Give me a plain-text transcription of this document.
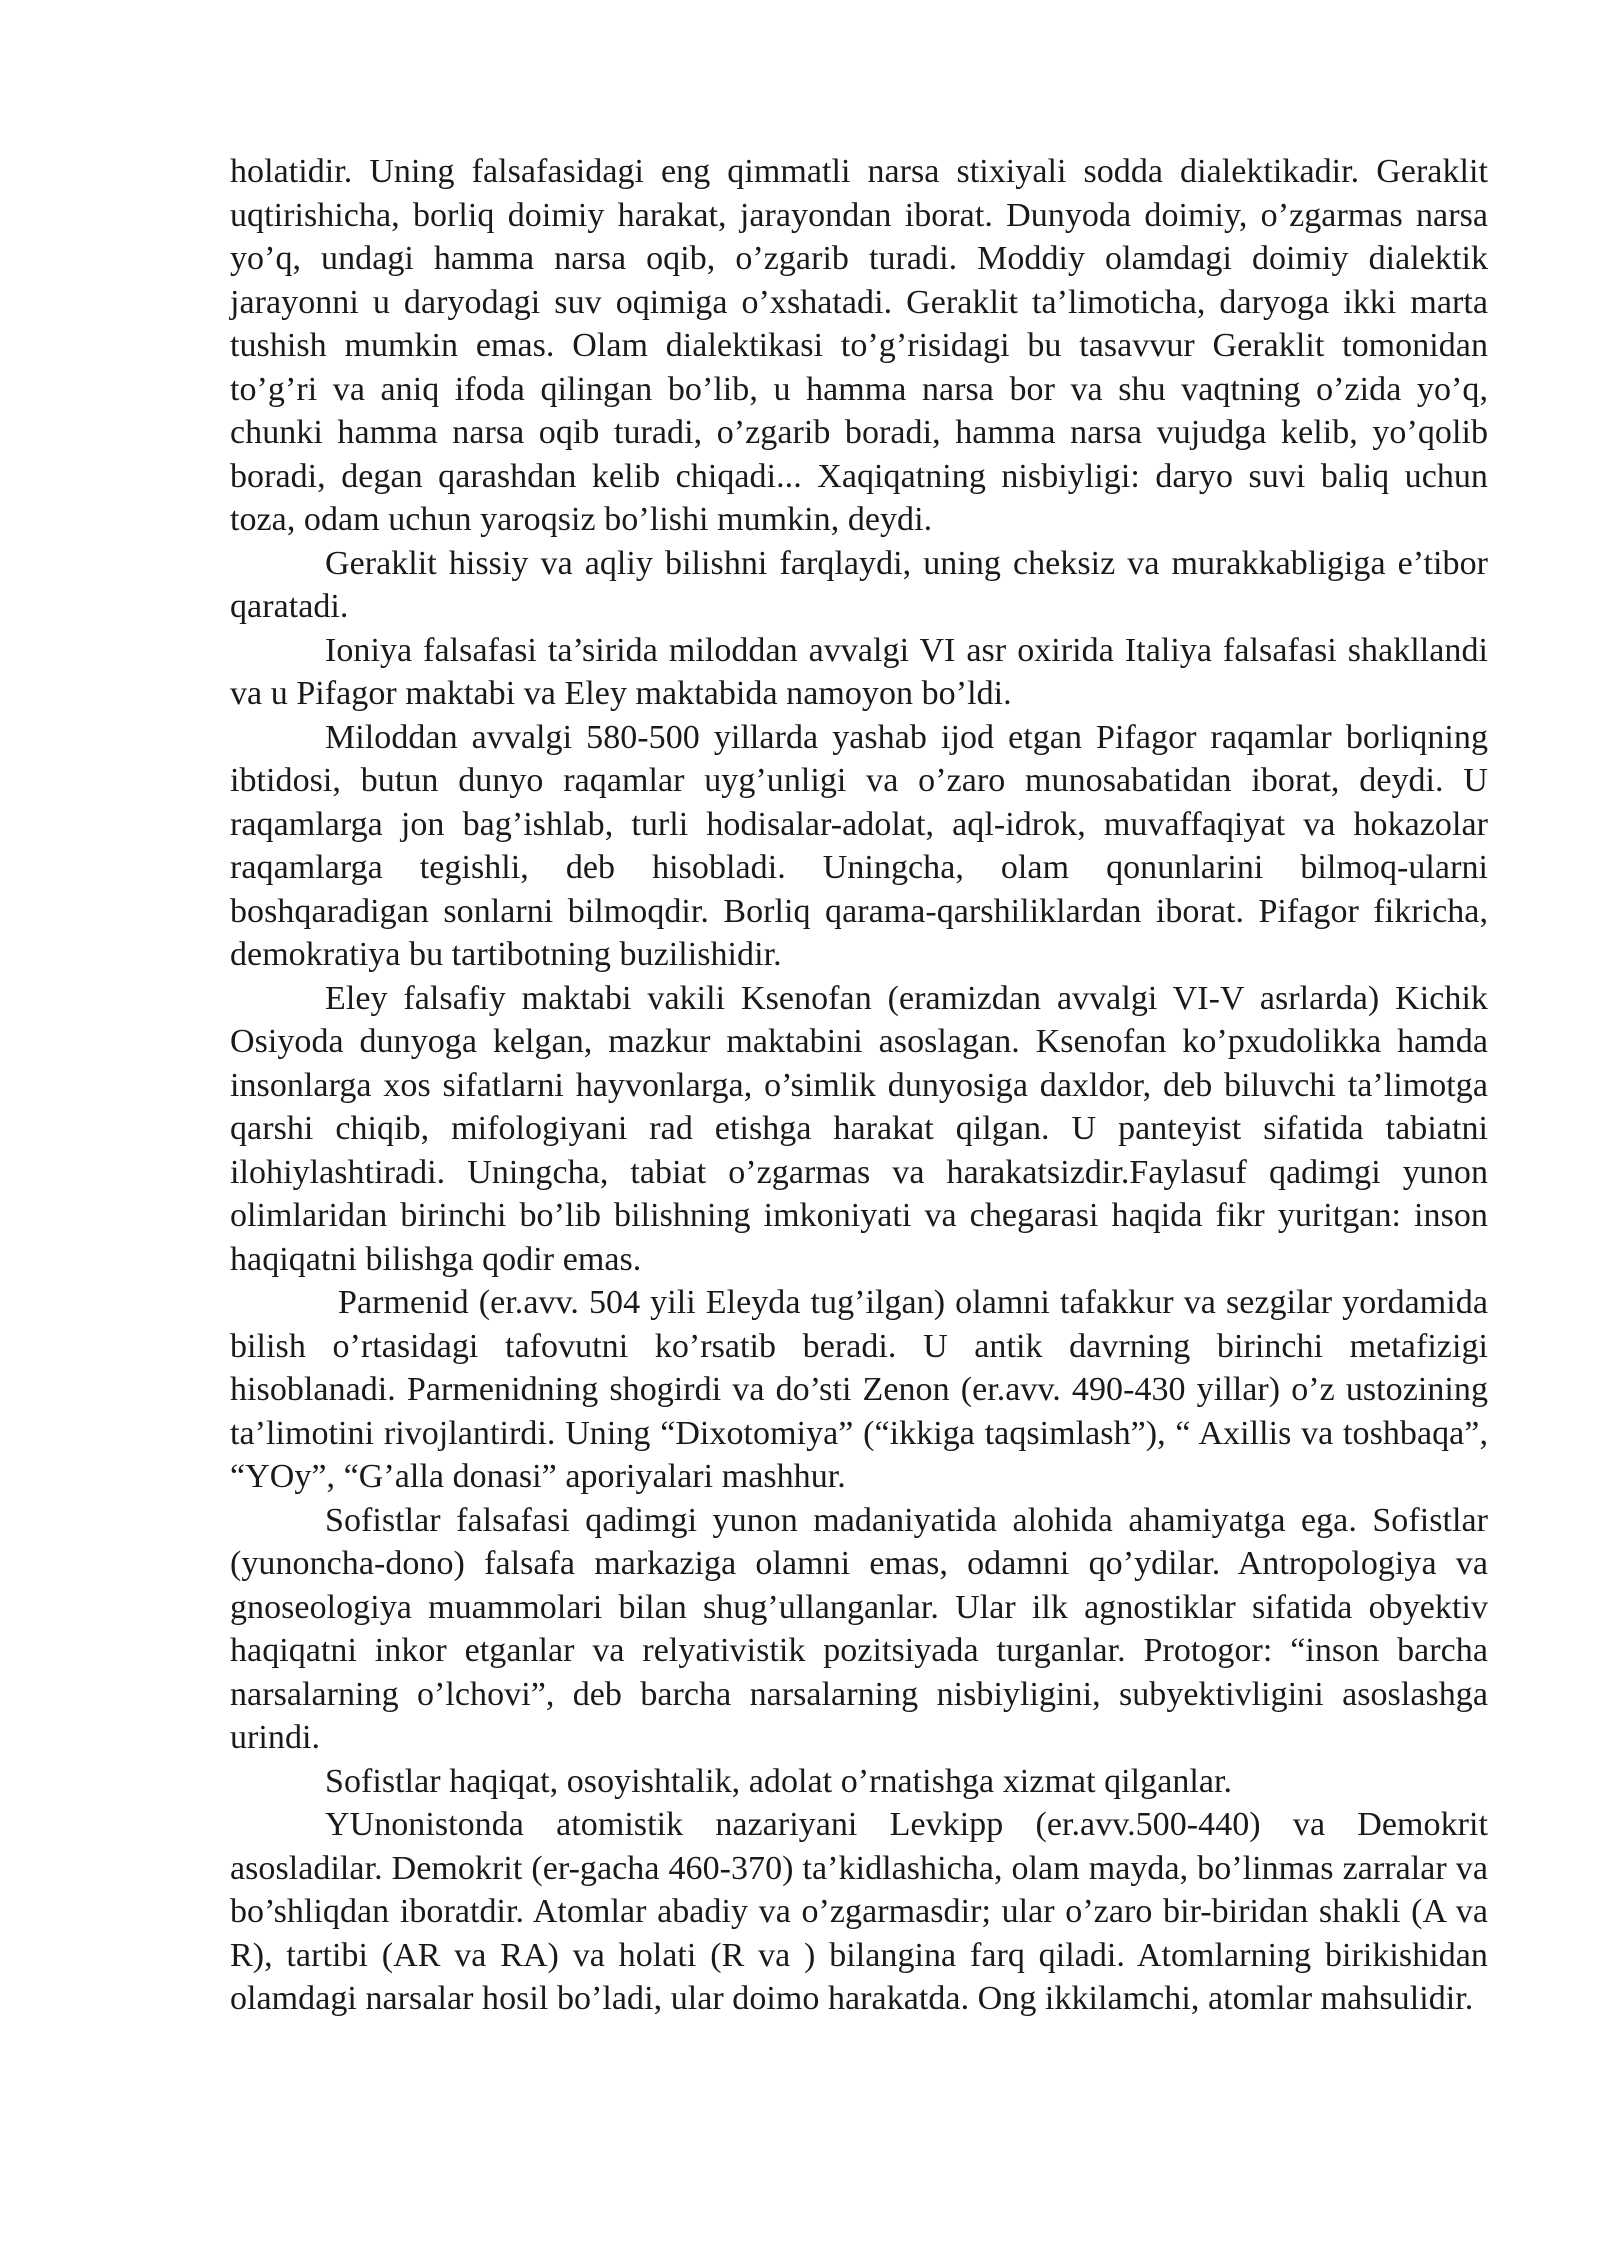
holatidir. Uning falsafasidagi eng qimmatli narsa stixiyali sodda dialektikadir. Geraklit uqtirishicha, borliq doimiy harakat, jarayondan iborat. Dunyoda doimiy, o’zgarmas narsa yo’q, undagi hamma narsa oqib, o’zgarib turadi. Moddiy olamdagi doimiy dialektik jarayonni u daryodagi suv oqimiga o’xshatadi. Geraklit ta’limoticha, daryoga ikki marta tushish mumkin emas. Olam dialektikasi to’g’risidagi bu tasavvur Geraklit tomonidan to’g’ri va aniq ifoda qilingan bo’lib, u hamma narsa bor va shu vaqtning o’zida yo’q, chunki hamma narsa oqib turadi, o’zgarib boradi, hamma narsa vujudga kelib, yo’qolib boradi, degan qarashdan kelib chiqadi... Xaqiqatning nisbiyligi: daryo suvi baliq uchun toza, odam uchun yaroqsiz bo’lishi mumkin, deydi.

Geraklit hissiy va aqliy bilishni farqlaydi, uning cheksiz va murakkabligiga e’tibor qaratadi.

Ioniya falsafasi ta’sirida miloddan avvalgi VI asr oxirida Italiya falsafasi shakllandi va u Pifagor maktabi va Eley maktabida namoyon bo’ldi.

Miloddan avvalgi 580-500 yillarda yashab ijod etgan Pifagor raqamlar borliqning ibtidosi, butun dunyo raqamlar uyg’unligi va o’zaro munosabatidan iborat, deydi. U raqamlarga jon bag’ishlab, turli hodisalar-adolat, aql-idrok, muvaffaqiyat va hokazolar raqamlarga tegishli, deb hisobladi. Uningcha, olam qonunlarini bilmoq-ularni boshqaradigan sonlarni bilmoqdir. Borliq qarama-qarshiliklardan iborat. Pifagor fikricha, demokratiya bu tartibotning buzilishidir.

Eley falsafiy maktabi vakili Ksenofan (eramizdan avvalgi VI-V asrlarda) Kichik Osiyoda dunyoga kelgan, mazkur maktabini asoslagan. Ksenofan ko’pxudolikka hamda insonlarga xos sifatlarni hayvonlarga, o’simlik dunyosiga daxldor, deb biluvchi ta’limotga qarshi chiqib, mifologiyani rad etishga harakat qilgan. U panteyist sifatida tabiatni ilohiylashtiradi. Uningcha, tabiat o’zgarmas va harakatsizdir.Faylasuf qadimgi yunon olimlaridan birinchi bo’lib bilishning imkoniyati va chegarasi haqida fikr yuritgan: inson haqiqatni bilishga qodir emas.

Parmenid (er.avv. 504 yili Eleyda tug’ilgan) olamni tafakkur va sezgilar yordamida bilish o’rtasidagi tafovutni ko’rsatib beradi. U antik davrning birinchi metafizigi hisoblanadi. Parmenidning shogirdi va do’sti Zenon (er.avv. 490-430 yillar) o’z ustozining ta’limotini rivojlantirdi. Uning “Dixotomiya” (“ikkiga taqsimlash”), “ Axillis va toshbaqa”, “YOy”, “G’alla donasi” aporiyalari mashhur.

Sofistlar falsafasi qadimgi yunon madaniyatida alohida ahamiyatga ega. Sofistlar (yunoncha-dono) falsafa markaziga olamni emas, odamni qo’ydilar. Antropologiya va gnoseologiya muammolari bilan shug’ullanganlar. Ular ilk agnostiklar sifatida obyektiv haqiqatni inkor etganlar va relyativistik pozitsiyada turganlar. Protogor: “inson barcha narsalarning o’lchovi”, deb barcha narsalarning nisbiyligini, subyektivligini asoslashga urindi.

Sofistlar haqiqat, osoyishtalik, adolat o’rnatishga xizmat qilganlar.

YUnonistonda atomistik nazariyani Levkipp (er.avv.500-440) va Demokrit asosladilar. Demokrit (er-gacha 460-370) ta’kidlashicha, olam mayda, bo’linmas zarralar va bo’shliqdan iboratdir. Atomlar abadiy va o’zgarmasdir; ular o’zaro bir-biridan shakli (A va R), tartibi (AR va RA) va holati (R va ) bilangina farq qiladi. Atomlarning birikishidan olamdagi narsalar hosil bo’ladi, ular doimo harakatda. Ong ikkilamchi, atomlar mahsulidir.
